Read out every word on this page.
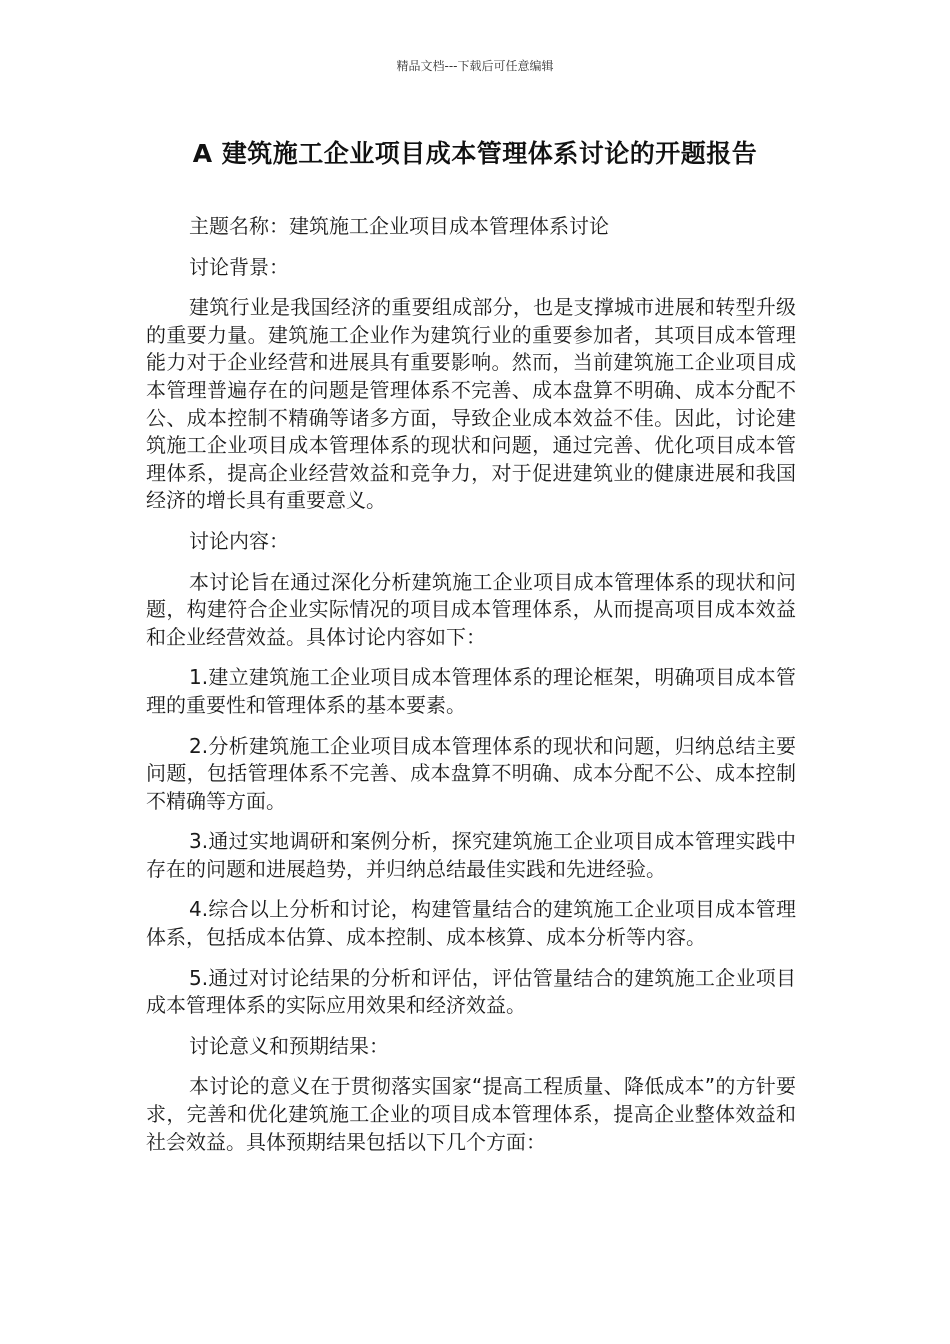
精品文档---下载后可任意编辑
A 建筑施工企业项目成本管理体系讨论的开题报告

主题名称：建筑施工企业项目成本管理体系讨论

讨论背景：

建筑行业是我国经济的重要组成部分，也是支撑城市进展和转型升级的重要力量。建筑施工企业作为建筑行业的重要参加者，其项目成本管理能力对于企业经营和进展具有重要影响。然而，当前建筑施工企业项目成本管理普遍存在的问题是管理体系不完善、成本盘算不明确、成本分配不公、成本控制不精确等诸多方面，导致企业成本效益不佳。因此，讨论建筑施工企业项目成本管理体系的现状和问题，通过完善、优化项目成本管理体系，提高企业经营效益和竞争力，对于促进建筑业的健康进展和我国经济的增长具有重要意义。

讨论内容：

本讨论旨在通过深化分析建筑施工企业项目成本管理体系的现状和问题，构建符合企业实际情况的项目成本管理体系，从而提高项目成本效益和企业经营效益。具体讨论内容如下：

1.建立建筑施工企业项目成本管理体系的理论框架，明确项目成本管理的重要性和管理体系的基本要素。

2.分析建筑施工企业项目成本管理体系的现状和问题，归纳总结主要问题，包括管理体系不完善、成本盘算不明确、成本分配不公、成本控制不精确等方面。

3.通过实地调研和案例分析，探究建筑施工企业项目成本管理实践中存在的问题和进展趋势，并归纳总结最佳实践和先进经验。

4.综合以上分析和讨论，构建管量结合的建筑施工企业项目成本管理体系，包括成本估算、成本控制、成本核算、成本分析等内容。

5.通过对讨论结果的分析和评估，评估管量结合的建筑施工企业项目成本管理体系的实际应用效果和经济效益。

讨论意义和预期结果：

本讨论的意义在于贯彻落实国家“提高工程质量、降低成本”的方针要求，完善和优化建筑施工企业的项目成本管理体系，提高企业整体效益和社会效益。具体预期结果包括以下几个方面：
